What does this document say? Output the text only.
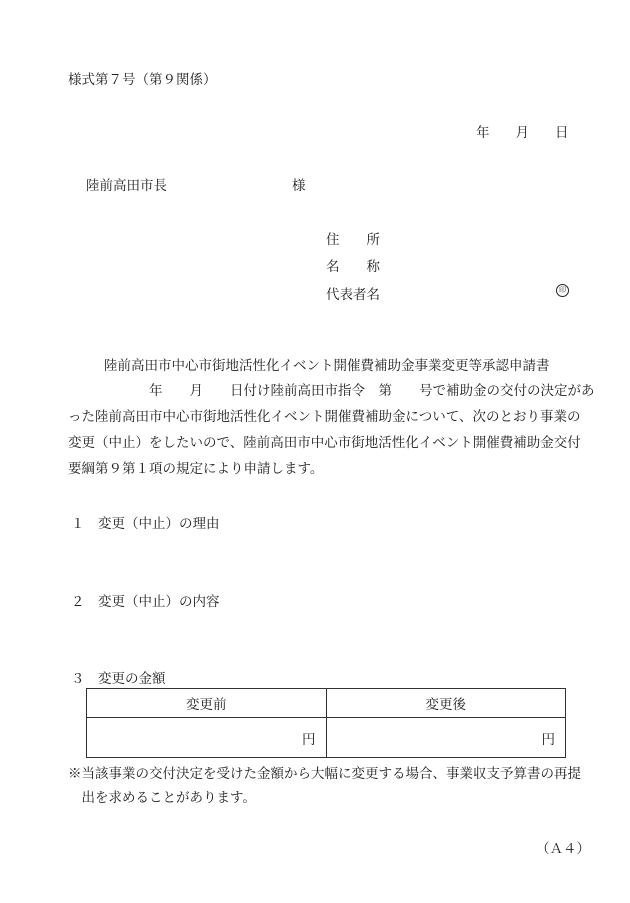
様式第７号（第９関係）
年 月 日
陸前高田市長	様
住　　所
名　　称
代表者名	印
陸前高田市中心市街地活性化イベント開催費補助金事業変更等承認申請書
　　　　　　年　　月　　日付け陸前高田市指令　第　　号で補助金の交付の決定があ
った陸前高田市中心市街地活性化イベント開催費補助金について、次のとおり事業の
変更（中止）をしたいので、陸前高田市中心市街地活性化イベント開催費補助金交付
要綱第９第１項の規定により申請します。
１　変更（中止）の理由
２　変更（中止）の内容
３　変更の金額
変更前	変更後
円	円
※当該事業の交付決定を受けた金額から大幅に変更する場合、事業収支予算書の再提
　出を求めることがあります。
（Ａ４）
